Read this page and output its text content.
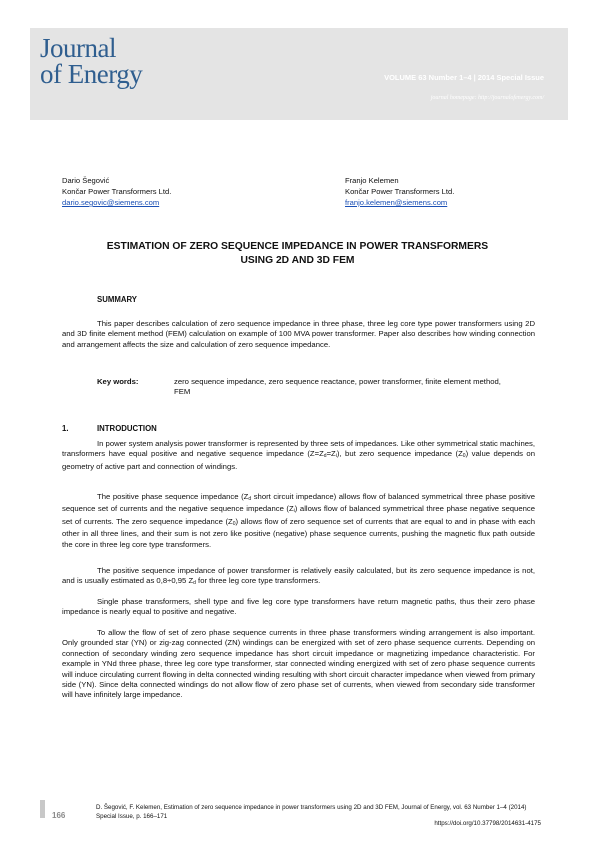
Journal
of Energy	VOLUME 63 Number 1–4 | 2014 Special Issue
journal homepage: http://journalofenergy.com/
Dario Šegović
Končar Power Transformers Ltd.
dario.segovic@siemens.com
Franjo Kelemen
Končar Power Transformers Ltd.
franjo.kelemen@siemens.com
ESTIMATION OF ZERO SEQUENCE IMPEDANCE IN POWER TRANSFORMERS
USING 2D AND 3D FEM
SUMMARY
This paper describes calculation of zero sequence impedance in three phase, three leg core type power transformers using 2D and 3D finite element method (FEM) calculation on example of 100 MVA power transformer. Paper also describes how winding connection and arrangement affects the size and calculation of zero sequence impedance.
Key words:	zero sequence impedance, zero sequence reactance, power transformer, finite element method, FEM
1.	INTRODUCTION
In power system analysis power transformer is represented by three sets of impedances. Like other symmetrical static machines, transformers have equal positive and negative sequence impedance $(Z=Z_d=Z_i)$, but zero sequence impedance $(Z_0)$ value depends on geometry of active part and connection of windings.
The positive phase sequence impedance ($Z_d$ short circuit impedance) allows flow of balanced symmetrical three phase positive sequence set of currents and the negative sequence impedance $(Z_i)$ allows flow of balanced symmetrical three phase negative sequence set of currents. The zero sequence impedance $(Z_0)$ allows flow of zero sequence set of currents that are equal to and in phase with each other in all three lines, and their sum is not zero like positive (negative) phase sequence currents, pushing the magnetic flux path outside the core in three leg core type transformers.
The positive sequence impedance of power transformer is relatively easily calculated, but its zero sequence impedance is not, and is usually estimated as 0,8÷0,95 $Z_d$ for three leg core type transformers.
Single phase transformers, shell type and five leg core type transformers have return magnetic paths, thus their zero phase impedance is nearly equal to positive and negative.
To allow the flow of set of zero phase sequence currents in three phase transformers winding arrangement is also important. Only grounded star (YN) or zig-zag connected (ZN) windings can be energized with set of zero phase sequence currents. Depending on connection of secondary winding zero sequence impedance has short circuit impedance or magnetizing impedance characteristic. For example in YNd three phase, three leg core type transformer, star connected winding energized with set of zero phase sequence currents will induce circulating current flowing in delta connected winding resulting with short circuit character impedance when viewed from primary side (YN). Since delta connected windings do not allow flow of zero phase set of currents, when viewed from secondary side transformer will have infinitely large impedance.
166
D. Šegović, F. Kelemen, Estimation of zero sequence impedance in power transformers using 2D and 3D FEM, Journal of Energy, vol. 63 Number 1–4 (2014) Special Issue, p. 166–171
https://doi.org/10.37798/2014631-4175
